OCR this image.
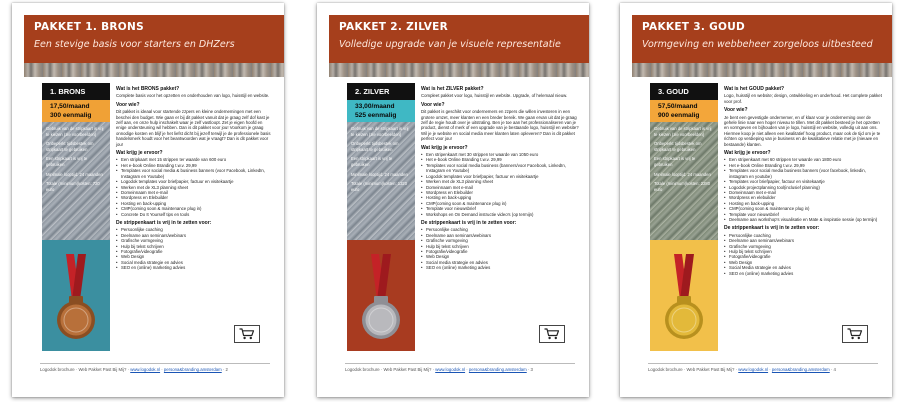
PAKKET 1. BRONS
Een stevige basis voor starters en DHZers
1. BRONS
17,50/maand
300 eenmalig
Gebruik van de stripkaart is vrij te kiezen (zie voorbeelden)
Onbeperkt tijdsbestek om stripkaart te gebruiken
Een stripkaart is vrij te gebruiken
Minimale looptijd: 24 maanden
Totale (minimum)kosten: 720 euro
Wat is het BRONS pakket?

Complete basis voor het opzetten en onderhouden van logo, huisstijl en website.

Voor wie?

Dit pakket is ideaal voor startende zzpers en kleine ondernemingen met een beschei den budget. Wie gaan er bij dit pakket vanuit dat je graag zelf dof kast je zelf aan, en onze hulp inschakelt waar je zelf vastloopt. Zet je eigen hoofd en enige ondersteuning wil hebben. Dan is dit pakket voor jou! Voorkom je graag onnodige kosten en blijf je het liefst dicht bij jezelf terwijl je de professionele basis handelsmerk houdt voor het beantwoorden wat je vraagt? Dan is dit pakket voor jou!

Wat krijg je ervoor?
• Een stripkaart met 15 strippen ter waarde van 600 euro
• Het e-book Online Branding t.w.v. 29,99
• Templates voor social media & business banners (voor Facebook, LinkedIn, Instagram en Youtube)
• Logodok templates voor briefpapier, factuur en visitekaartje
• Werken met de XL3 planning sheet
• Domeinnaam met e-mail
• Wordpress en Elebuilder
• Hosting en back-upping
• CMP(coming soon & maintenance plug in)
• Concrete Do It Yourself tips en tools
De strippenkaart is vrij in te zetten voor:
• Persoonlijke coaching
• Deelname aan seminars/webinars
• Grafische vormgeving
• Hulp bij tekst schrijven
• Fotografie/videografie
• Web Design
• Social media strategie en advies
• SEO en (online) marketing advies
Logodok brochure · Web Pakket Past Bij Mij? · www.logodok.nl · persona&branding.amsterdam · 2
PAKKET 2. ZILVER
Volledige upgrade van je visuele representatie
2. ZILVER
33,00/maand
525 eenmalig
Gebruik van de stripkaart is vrij te kiezen (zie voorbeelden)
Onbeperkt tijdsbestek om stripkaart te gebruiken
Een stripkaart is vrij te gebruiken
Minimale looptijd: 24 maanden
Totale (minimum)kosten: 1320 euro
Wat is het ZILVER pakket?

Compleet pakket voor logo, huisstijl en website. Upgrade, of helemaal nieuw.

Voor wie?

Dit pakket is geschikt voor ondernemers en zzpers die willen investeren in een grotere omzet, meer klanten en een breder bereik. We gaan ervan uit dat je graag zelf de regie houdt over je uitstraling. Ben je toe aan het professionaliseren van je product, dienst of merk of een upgrade van je bestaande logo, huisstijl en website? Wil je je website en social media meer klanten laten opleveren? Dan is dit pakket perfect voor jou!

Wat krijg je ervoor?
• Een stripenkaart met 30 strippen ter waarde van 1050 euro
• Het e-book Online Branding t.w.v. 29,99
• Templates voor social media business (banners/voor Facebook, LinkedIn, Instagram en Youtube)
• Logodok templates voor briefpapier, factuur en visitekaartje
• Werken met de XL3 planning sheet
• Domeinnaam met e-mail
• Wordpress en Elebuilder
• Hosting en back-upping
• CMP(coming soon & maintenance plug in)
• Template voor nieuwsbrief
• Workshops en On Demand instructie video's (op termijn)
De strippenkaart is vrij in te zetten voor:
• Persoonlijke coaching
• Deelname aan seminars/webinars
• Grafische vormgeving
• Hulp bij tekst schrijven
• Fotografie/videografie
• Web Design
• Social media strategie en advies
• SEO en (online) marketing advies
Logodok brochure · Web Pakket Past Bij Mij? · www.logodok.nl · persona&branding.amsterdam · 3
PAKKET 3. GOUD
Vormgeving en webbeheer zorgeloos uitbesteed
3. GOUD
57,50/maand
900 eenmalig
Gebruik van de stripkaart is vrij te kiezen (zie voorbeelden)
Onbeperkt tijdsbestek om stripkaart te gebruiken
Een stripkaart is vrij te gebruiken
Minimale looptijd: 24 maanden
Totale (minimum)kosten: 2280 euro
Wat is het GOUD pakket?

Logo, huisstijl en website; design, ontwikkeling en onderhoud. Het complete pakket voor prof.

Voor wie?

Je bent een gevestigde ondernemer, en of klaar voor je onderneming over de gehele linie naar een hoger niveau te tillen. Met dit pakket besteed je het opzetten en vormgeven en bijhouden van je logo, huisstijl en website, volledig uit aan ons. Hiermee koop je niet alleen een kwalitatief hoog product, maar ook de tijd om je te richten op verdieping van je business en de kwalitatieve relatie met je (nieuwe en bestaande) klanten.

Wat krijg je ervoor?
• Een stripenkaart met 60 strippen ter waarde van 1800 euro
• Het e-book Online Branding t.w.v. 29,99
• Templates voor social media business banners (voor facebook, linkedin, instagram en youtube)
• Templates voor briefpapier, factuur en visitekaartje
• Logodok projectplanning tool(inclusief planning)
• Domeinnaam met e-mail
• Wordpress en elebuilder
• Hosting en back-upping
• CMP(coming soon & maintenance plug in)
• Template voor nieuwsbrief
• Deelname aan workshop's visualisatie en Mate & inspiratie sessie (op termijn)
De strippenkaart is vrij in te zetten voor:
• Persoonlijke coaching
• Deelname aan seminars/webinars
• Grafische vormgeving
• Hulp bij tekst schrijven
• Fotografie/videografie
• Web Design
• Social Media strategie en advies
• SEO en (online) marketing advies
Logodok brochure · Web Pakket Past Bij Mij? · www.logodok.nl · persona&branding.amsterdam · 4
